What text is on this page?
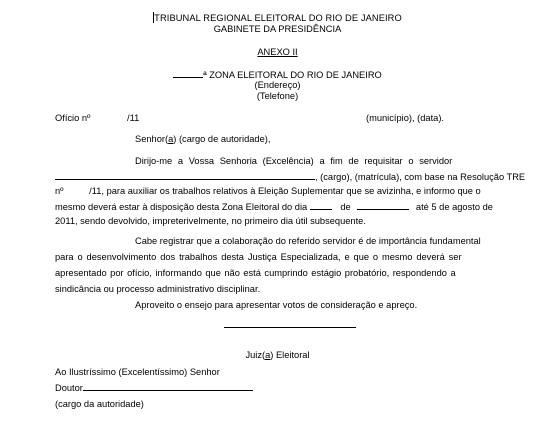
TRIBUNAL REGIONAL ELEITORAL DO RIO DE JANEIRO
GABINETE DA PRESIDÊNCIA
ANEXO II
ª ZONA ELEITORAL DO RIO DE JANEIRO
(Endereço)
(Telefone)
Ofício nº	/11	(município), (data).
Senhor(a) (cargo de autoridade),
Dirijo-me a Vossa Senhoria (Excelência) a fim de requisitar o servidor
, (cargo), (matrícula), com base na Resolução TRE
nº	/11, para auxiliar os trabalhos relativos à Eleição Suplementar que se avizinha, e informo que o
mesmo deverá estar à disposição desta Zona Eleitoral do dia	de	até 5 de agosto de
2011, sendo devolvido, impreterivelmente, no primeiro dia útil subsequente.
Cabe registrar que a colaboração do referido servidor é de importância fundamental
para o desenvolvimento dos trabalhos desta Justiça Especializada, e que o mesmo deverá ser
apresentado por ofício, informando que não está cumprindo estágio probatório, respondendo a
sindicância ou processo administrativo disciplinar.
Aproveito o ensejo para apresentar votos de consideração e apreço.
Juiz(a) Eleitoral
Ao Ilustríssimo (Excelentíssimo) Senhor
Doutor
(cargo da autoridade)
